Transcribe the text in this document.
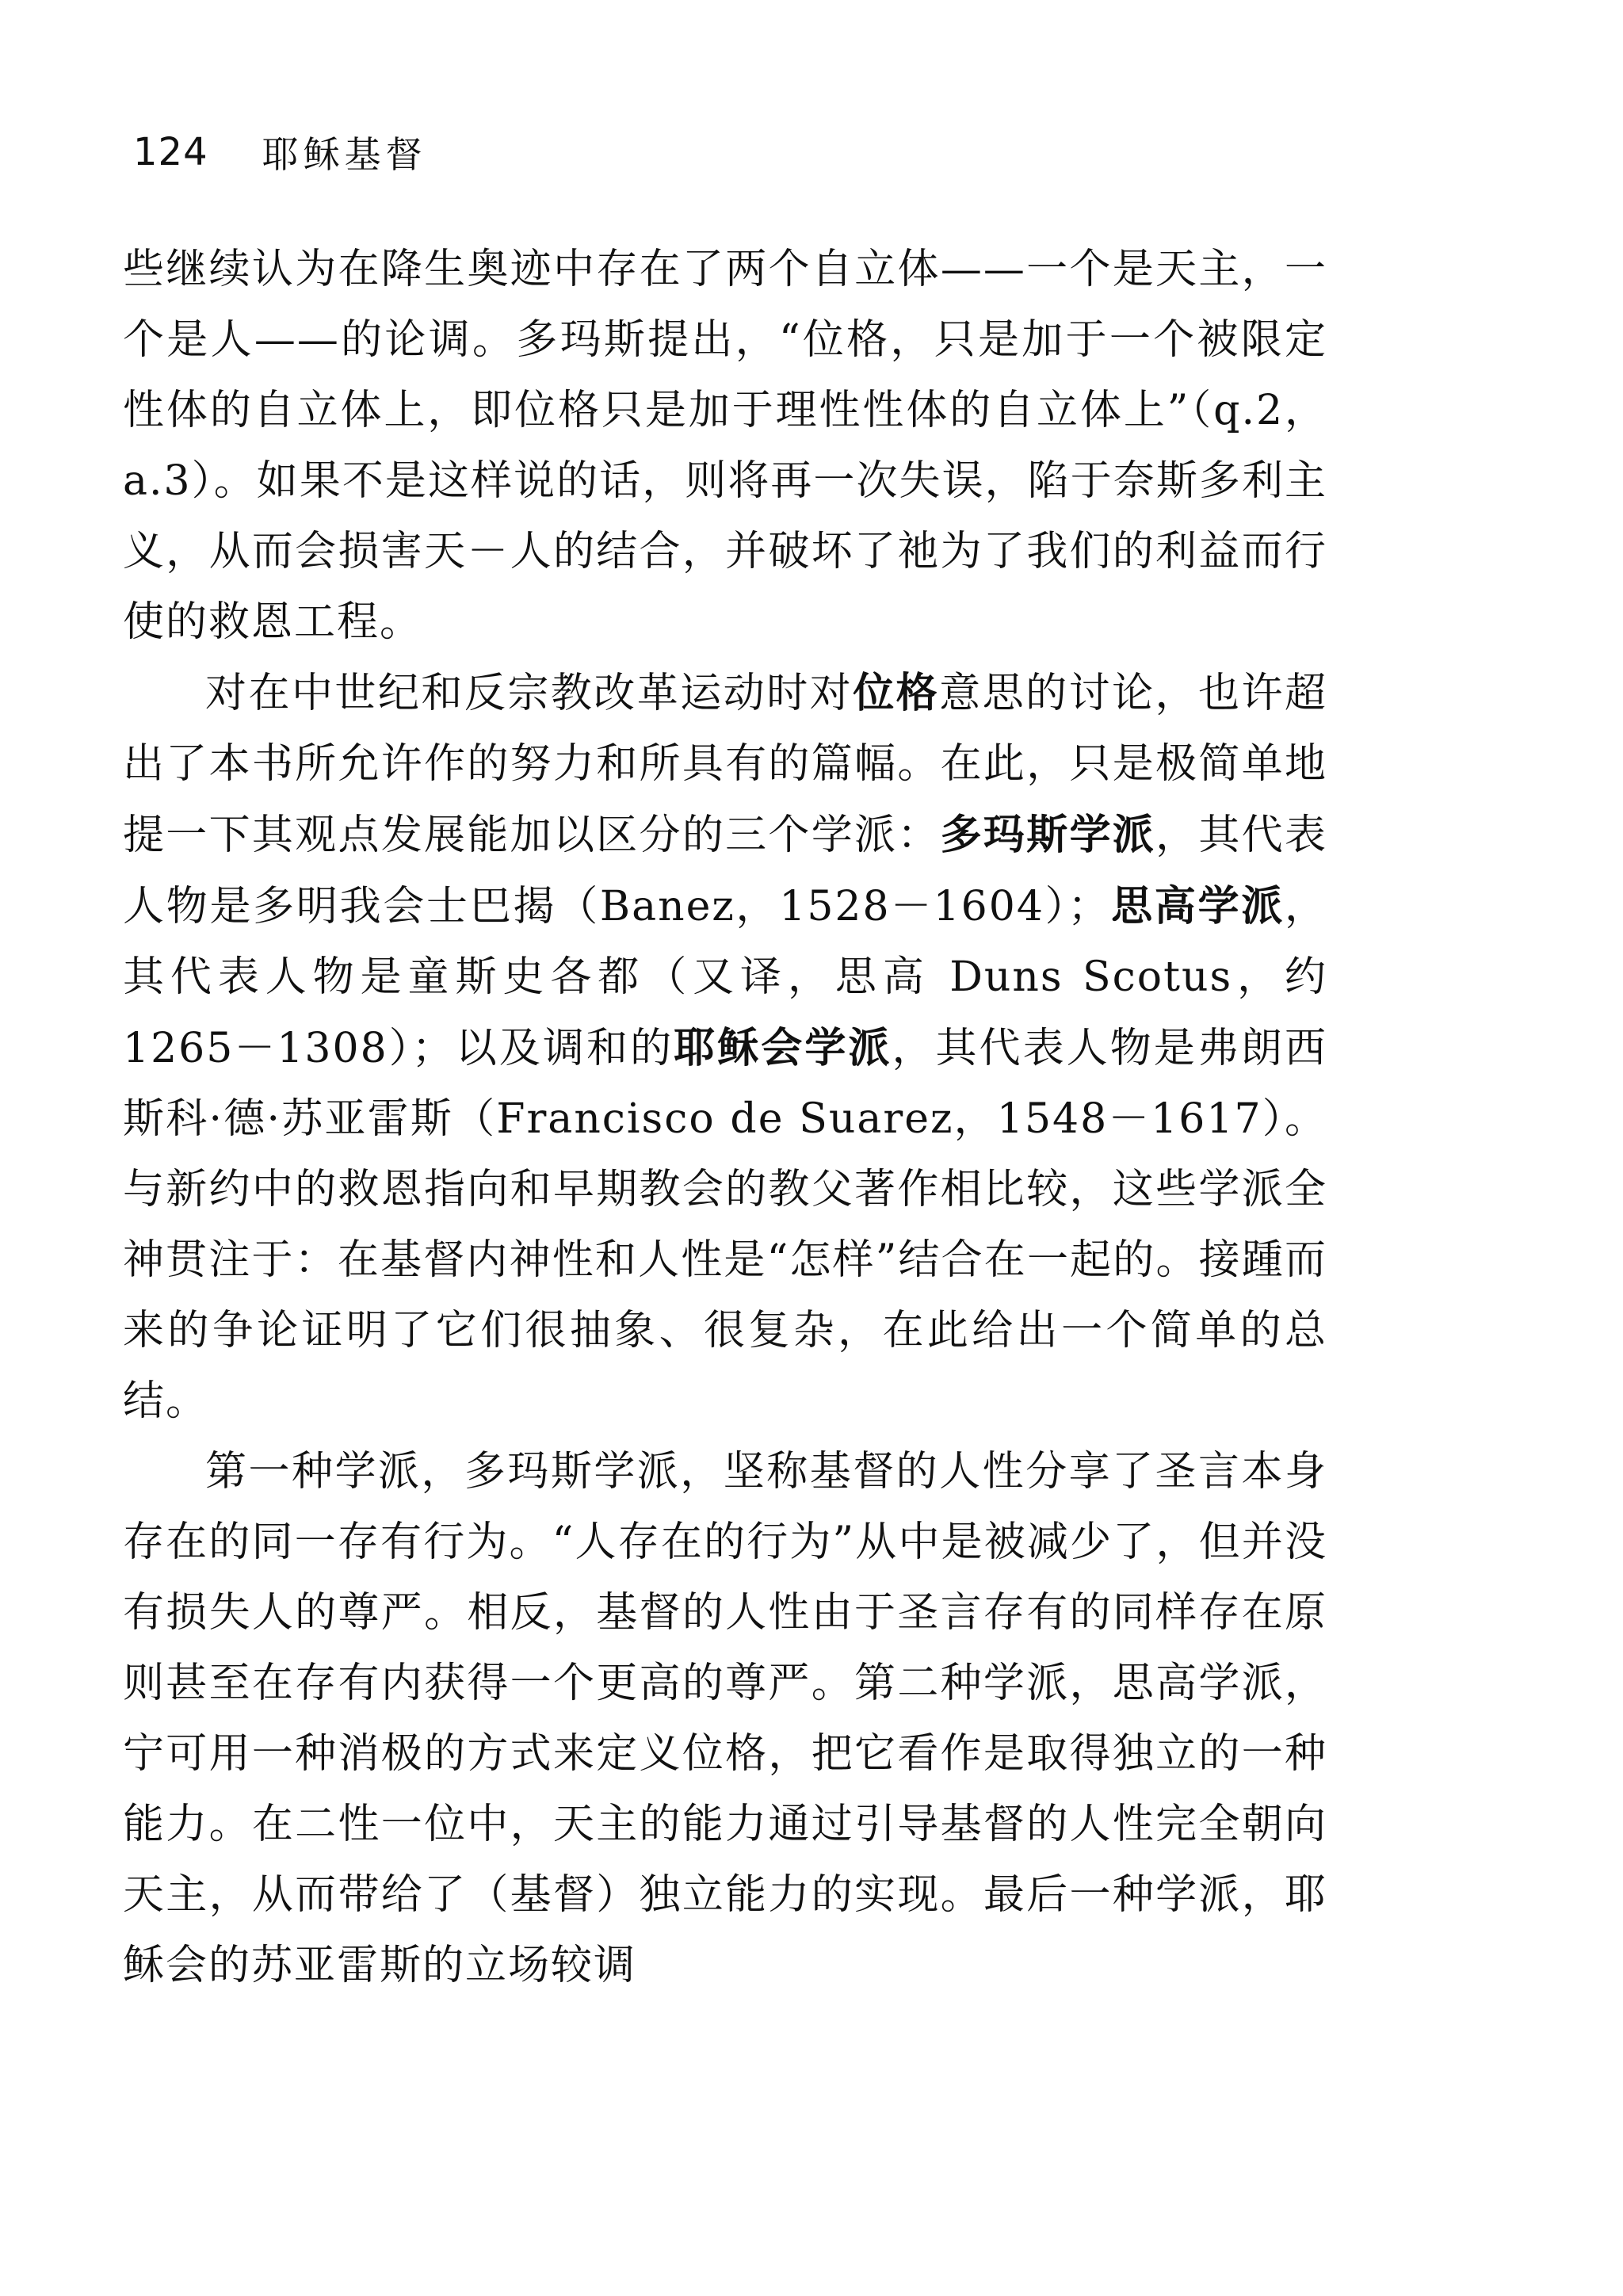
124 耶稣基督

些继续认为在降生奥迹中存在了两个自立体——一个是天主，一个是人——的论调。多玛斯提出，“位格，只是加于一个被限定性体的自立体上，即位格只是加于理性性体的自立体上”（q.2，a.3）。如果不是这样说的话，则将再一次失误，陷于奈斯多利主义，从而会损害天－人的结合，并破坏了祂为了我们的利益而行使的救恩工程。

对在中世纪和反宗教改革运动时对位格意思的讨论，也许超出了本书所允许作的努力和所具有的篇幅。在此，只是极简单地提一下其观点发展能加以区分的三个学派：多玛斯学派，其代表人物是多明我会士巴揭（Banez，1528－1604）；思高学派，其代表人物是童斯史各都（又译，思高 Duns Scotus，约1265－1308）；以及调和的耶稣会学派，其代表人物是弗朗西斯科·德·苏亚雷斯（Francisco de Suarez，1548－1617）。与新约中的救恩指向和早期教会的教父著作相比较，这些学派全神贯注于：在基督内神性和人性是“怎样”结合在一起的。接踵而来的争论证明了它们很抽象、很复杂，在此给出一个简单的总结。

第一种学派，多玛斯学派，坚称基督的人性分享了圣言本身存在的同一存有行为。“人存在的行为”从中是被减少了，但并没有损失人的尊严。相反，基督的人性由于圣言存有的同样存在原则甚至在存有内获得一个更高的尊严。第二种学派，思高学派，宁可用一种消极的方式来定义位格，把它看作是取得独立的一种能力。在二性一位中，天主的能力通过引导基督的人性完全朝向天主，从而带给了（基督）独立能力的实现。最后一种学派，耶稣会的苏亚雷斯的立场较调
